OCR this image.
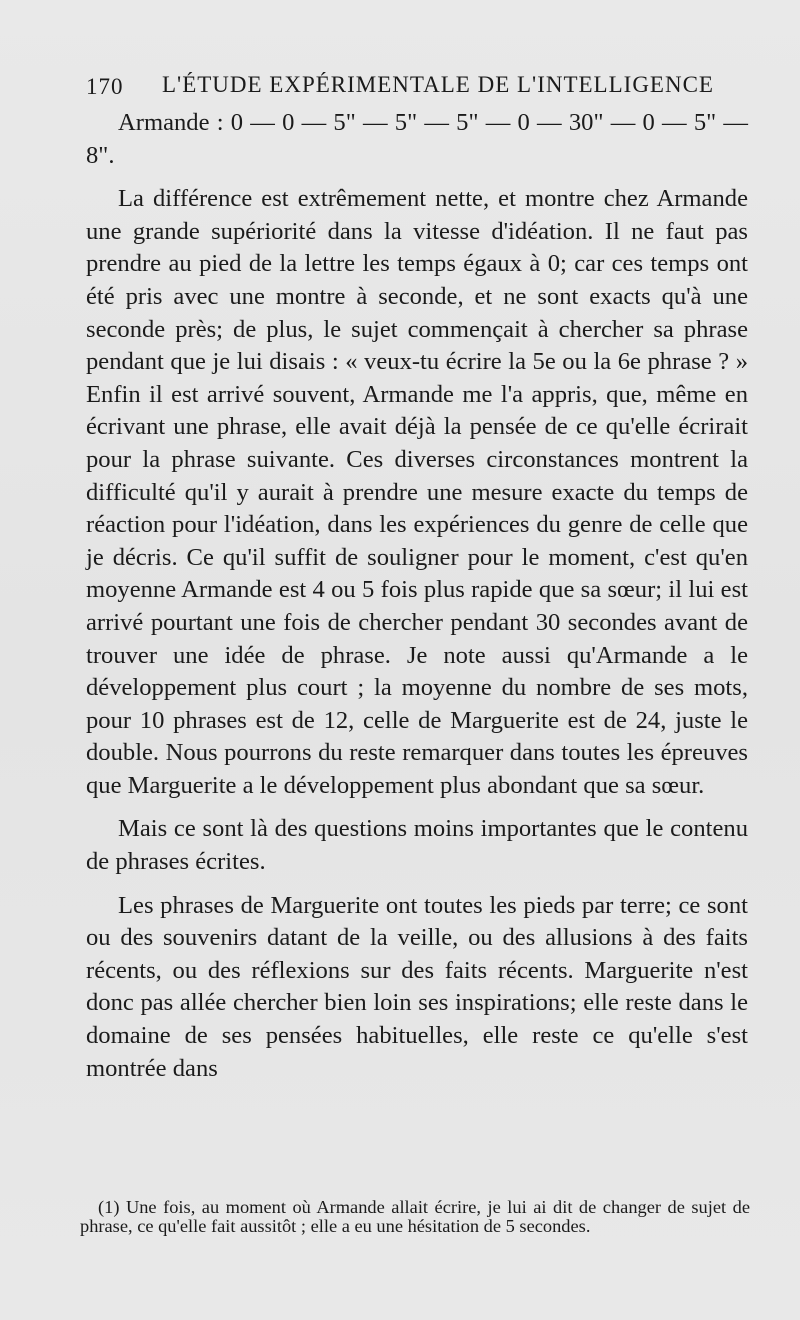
170 L'ÉTUDE EXPÉRIMENTALE DE L'INTELLIGENCE

Armande : 0 — 0 — 5" — 5" — 5" — 0 — 30" — 0 — 5" — 8".

La différence est extrêmement nette, et montre chez Armande une grande supériorité dans la vitesse d'idéation. Il ne faut pas prendre au pied de la lettre les temps égaux à 0; car ces temps ont été pris avec une montre à seconde, et ne sont exacts qu'à une seconde près; de plus, le sujet commençait à chercher sa phrase pendant que je lui disais : « veux-tu écrire la 5e ou la 6e phrase ? » Enfin il est arrivé souvent, Armande me l'a appris, que, même en écrivant une phrase, elle avait déjà la pensée de ce qu'elle écrirait pour la phrase suivante. Ces diverses circonstances montrent la difficulté qu'il y aurait à prendre une mesure exacte du temps de réaction pour l'idéation, dans les expériences du genre de celle que je décris. Ce qu'il suffit de souligner pour le moment, c'est qu'en moyenne Armande est 4 ou 5 fois plus rapide que sa sœur; il lui est arrivé pourtant une fois de chercher pendant 30 secondes avant de trouver une idée de phrase. Je note aussi qu'Armande a le développement plus court ; la moyenne du nombre de ses mots, pour 10 phrases est de 12, celle de Marguerite est de 24, juste le double. Nous pourrons du reste remarquer dans toutes les épreuves que Marguerite a le développement plus abondant que sa sœur.

Mais ce sont là des questions moins importantes que le contenu de phrases écrites.

Les phrases de Marguerite ont toutes les pieds par terre; ce sont ou des souvenirs datant de la veille, ou des allusions à des faits récents, ou des réflexions sur des faits récents. Marguerite n'est donc pas allée chercher bien loin ses inspirations; elle reste dans le domaine de ses pensées habituelles, elle reste ce qu'elle s'est montrée dans

(1) Une fois, au moment où Armande allait écrire, je lui ai dit de changer de sujet de phrase, ce qu'elle fait aussitôt ; elle a eu une hésitation de 5 secondes.
